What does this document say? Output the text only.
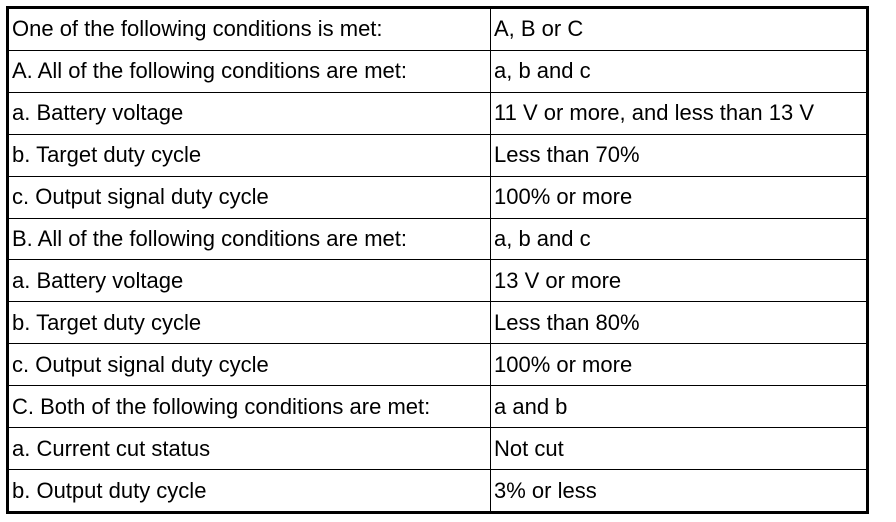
One of the following conditions is met:	A, B or C
A. All of the following conditions are met:	a, b and c
a. Battery voltage	11 V or more, and less than 13 V
b. Target duty cycle	Less than 70%
c. Output signal duty cycle	100% or more
B. All of the following conditions are met:	a, b and c
a. Battery voltage	13 V or more
b. Target duty cycle	Less than 80%
c. Output signal duty cycle	100% or more
C. Both of the following conditions are met:	a and b
a. Current cut status	Not cut
b. Output duty cycle	3% or less
